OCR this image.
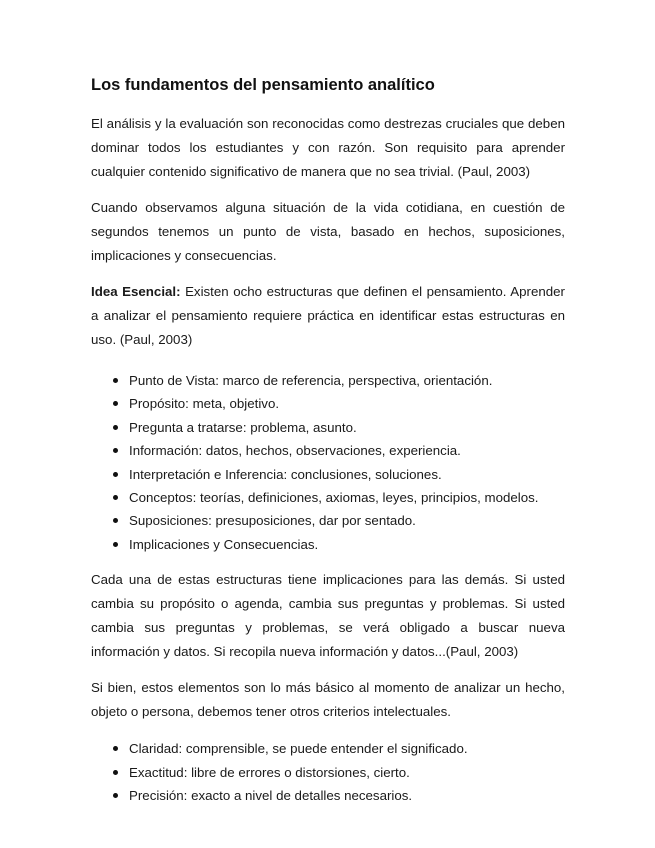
Los fundamentos del pensamiento analítico

El análisis y la evaluación son reconocidas como destrezas cruciales que deben dominar todos los estudiantes y con razón. Son requisito para aprender cualquier contenido significativo de manera que no sea trivial. (Paul, 2003)

Cuando observamos alguna situación de la vida cotidiana, en cuestión de segundos tenemos un punto de vista, basado en hechos, suposiciones, implicaciones y consecuencias.

Idea Esencial: Existen ocho estructuras que definen el pensamiento. Aprender a analizar el pensamiento requiere práctica en identificar estas estructuras en uso. (Paul, 2003)

Punto de Vista: marco de referencia, perspectiva, orientación.
Propósito: meta, objetivo.
Pregunta a tratarse: problema, asunto.
Información: datos, hechos, observaciones, experiencia.
Interpretación e Inferencia: conclusiones, soluciones.
Conceptos: teorías, definiciones, axiomas, leyes, principios, modelos.
Suposiciones: presuposiciones, dar por sentado.
Implicaciones y Consecuencias.

Cada una de estas estructuras tiene implicaciones para las demás. Si usted cambia su propósito o agenda, cambia sus preguntas y problemas. Si usted cambia sus preguntas y problemas, se verá obligado a buscar nueva información y datos. Si recopila nueva información y datos...(Paul, 2003)

Si bien, estos elementos son lo más básico al momento de analizar un hecho, objeto o persona, debemos tener otros criterios intelectuales.

Claridad: comprensible, se puede entender el significado.
Exactitud: libre de errores o distorsiones, cierto.
Precisión: exacto a nivel de detalles necesarios.
